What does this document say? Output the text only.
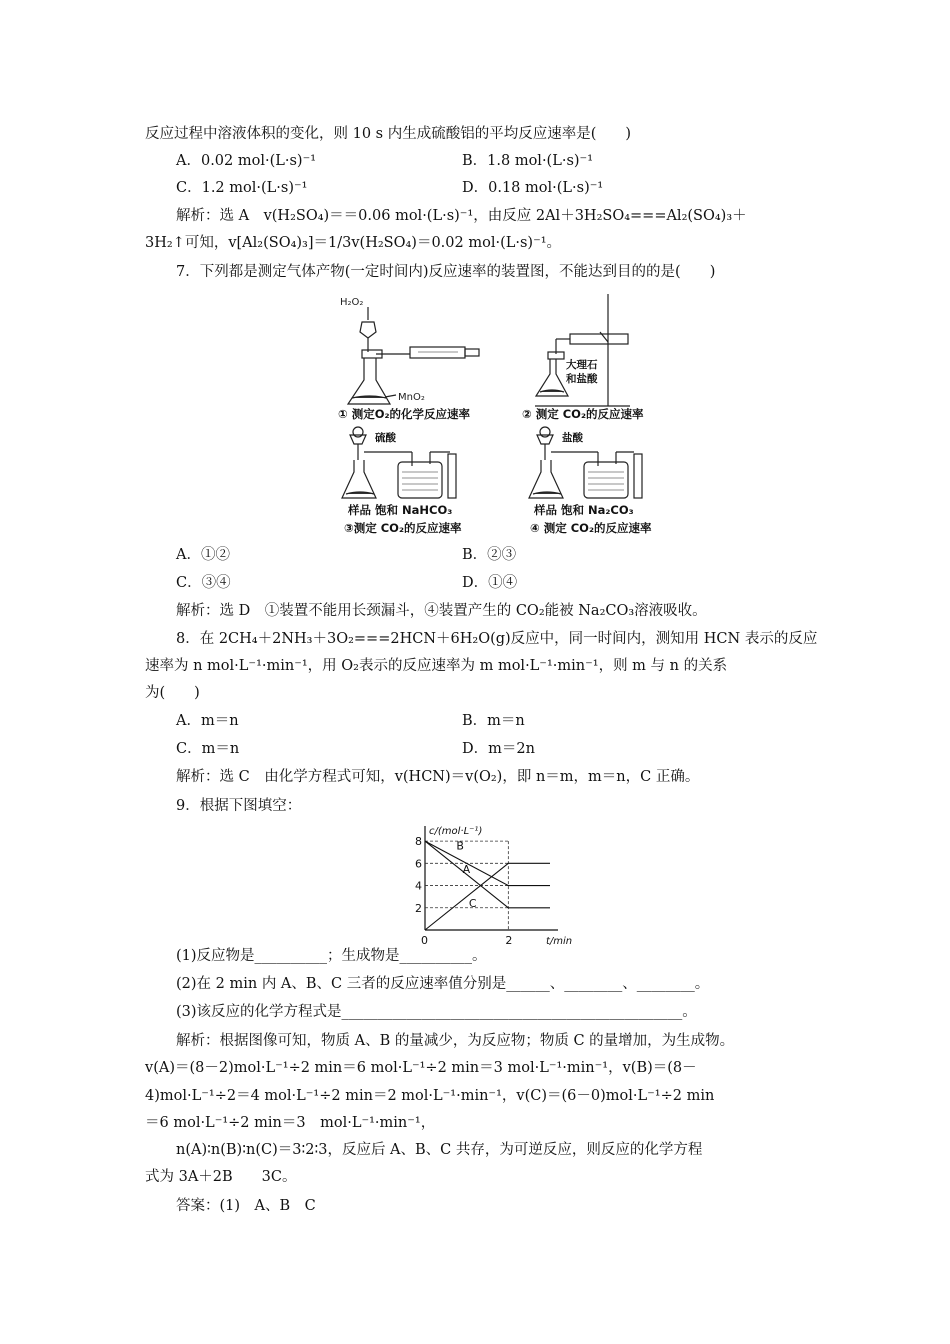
反应过程中溶液体积的变化，则 10 s 内生成硫酸铝的平均反应速率是(　　)
A．0.02 mol·(L·s)⁻¹	B．1.8 mol·(L·s)⁻¹
C．1.2 mol·(L·s)⁻¹	D．0.18 mol·(L·s)⁻¹
解析：选 A　v(H₂SO₄)＝＝0.06 mol·(L·s)⁻¹，由反应 2Al＋3H₂SO₄===Al₂(SO₄)₃＋
3H₂↑可知，v[Al₂(SO₄)₃]＝1/3v(H₂SO₄)＝0.02 mol·(L·s)⁻¹。
7．下列都是测定气体产物(一定时间内)反应速率的装置图，不能达到目的的是(　　)
H₂O₂
MnO₂
① 测定O₂的化学反应速率
大理石
和盐酸
② 测定 CO₂的反应速率
硫酸
样品 饱和 NaHCO₃
③测定 CO₂的反应速率
盐酸
样品 饱和 Na₂CO₃
④ 测定 CO₂的反应速率
A．①②	B．②③
C．③④	D．①④
解析：选 D　①装置不能用长颈漏斗，④装置产生的 CO₂能被 Na₂CO₃溶液吸收。
8．在 2CH₄＋2NH₃＋3O₂===2HCN＋6H₂O(g)反应中，同一时间内，测知用 HCN 表示的反应
速率为 n mol·L⁻¹·min⁻¹，用 O₂表示的反应速率为 m mol·L⁻¹·min⁻¹，则 m 与 n 的关系
为(　　)
A．m＝n	B．m＝n
C．m＝n	D．m＝2n
解析：选 C　由化学方程式可知，v(HCN)＝v(O₂)，即 n＝m，m＝n，C 正确。
9．根据下图填空：
c/(mol·L⁻¹)
t/min
2
4
6
8
0	2
A
B
C
(1)反应物是__________；生成物是__________。
(2)在 2 min 内 A、B、C 三者的反应速率值分别是______、________、________。
(3)该反应的化学方程式是_______________________________________________。
解析：根据图像可知，物质 A、B 的量减少，为反应物；物质 C 的量增加，为生成物。
v(A)＝(8－2)mol·L⁻¹÷2 min＝6 mol·L⁻¹÷2 min＝3 mol·L⁻¹·min⁻¹，v(B)＝(8－
4)mol·L⁻¹÷2＝4 mol·L⁻¹÷2 min＝2 mol·L⁻¹·min⁻¹，v(C)＝(6－0)mol·L⁻¹÷2 min
＝6 mol·L⁻¹÷2 min＝3　mol·L⁻¹·min⁻¹，
n(A)∶n(B)∶n(C)＝3∶2∶3，反应后 A、B、C 共存，为可逆反应，则反应的化学方程
式为 3A＋2B　　3C。
答案：(1)　A、B　C
